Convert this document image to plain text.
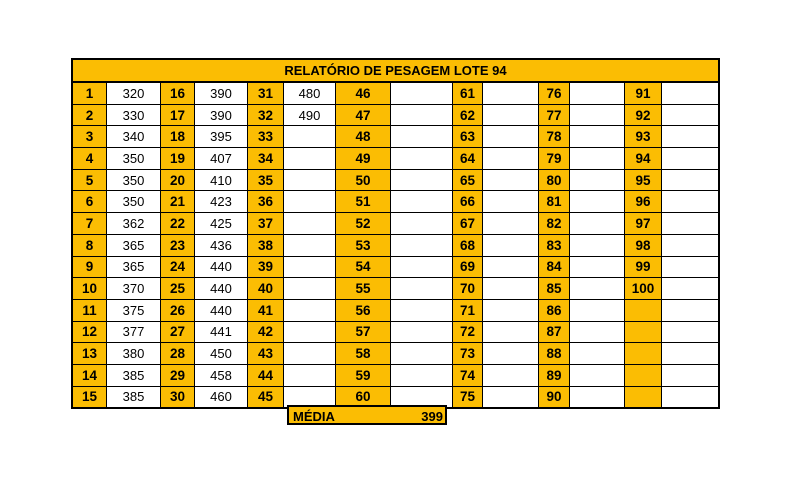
RELATÓRIO DE PESAGEM LOTE 94													
1	320	16	390	31	480	46		61		76		91	
2	330	17	390	32	490	47		62		77		92	
3	340	18	395	33		48		63		78		93	
4	350	19	407	34		49		64		79		94	
5	350	20	410	35		50		65		80		95	
6	350	21	423	36		51		66		81		96	
7	362	22	425	37		52		67		82		97	
8	365	23	436	38		53		68		83		98	
9	365	24	440	39		54		69		84		99	
10	370	25	440	40		55		70		85		100	
11	375	26	440	41		56		71		86			
12	377	27	441	42		57		72		87			
13	380	28	450	43		58		73		88			
14	385	29	458	44		59		74		89			
15	385	30	460	45		60		75		90			
MÉDIA	399
